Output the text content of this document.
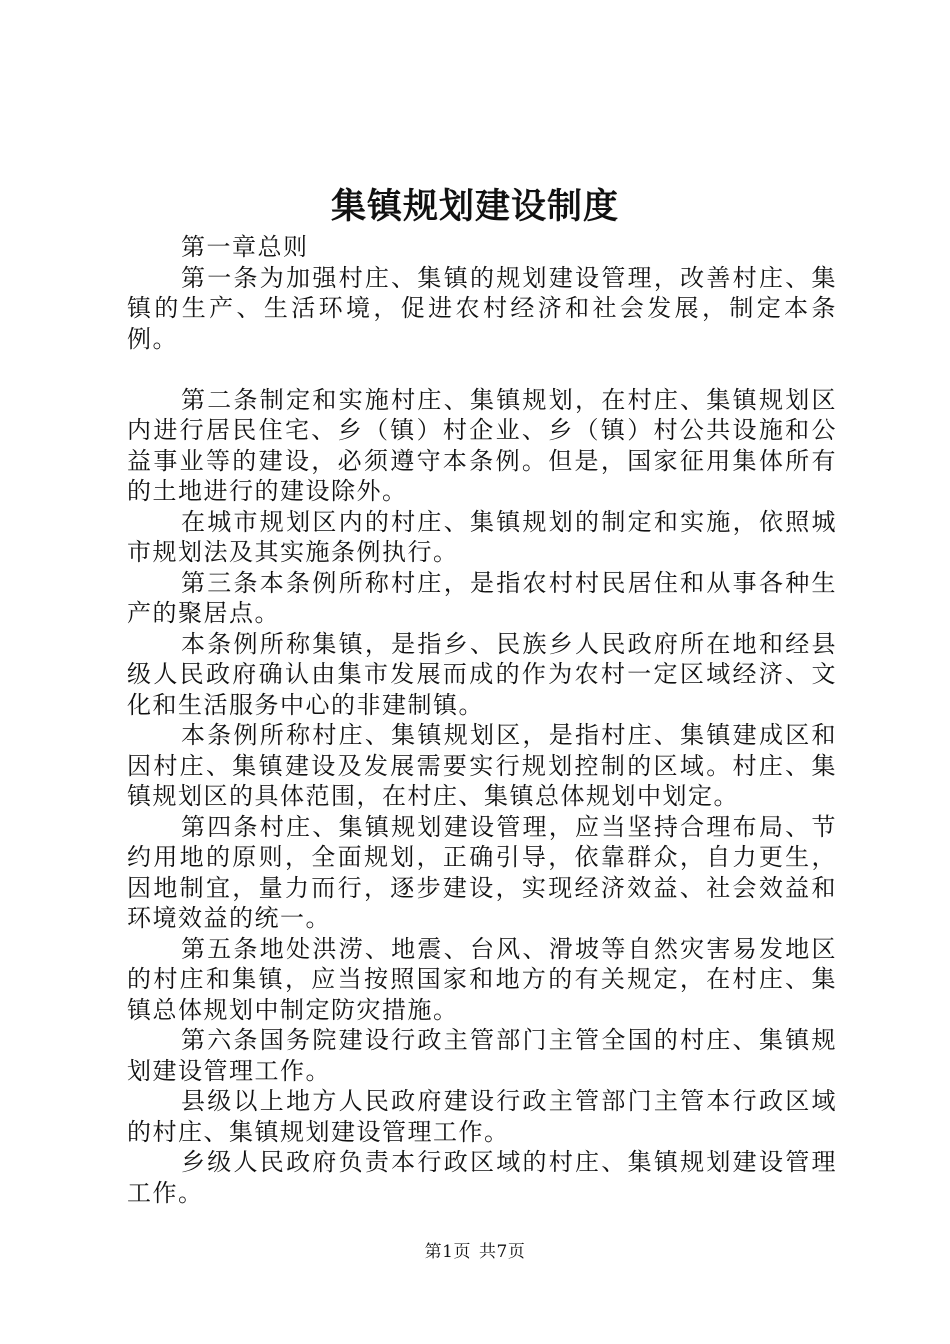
集镇规划建设制度

第一章总则

第一条为加强村庄、集镇的规划建设管理，改善村庄、集镇的生产、生活环境，促进农村经济和社会发展，制定本条例。

第二条制定和实施村庄、集镇规划，在村庄、集镇规划区内进行居民住宅、乡（镇）村企业、乡（镇）村公共设施和公益事业等的建设，必须遵守本条例。但是，国家征用集体所有的土地进行的建设除外。

在城市规划区内的村庄、集镇规划的制定和实施，依照城市规划法及其实施条例执行。

第三条本条例所称村庄，是指农村村民居住和从事各种生产的聚居点。

本条例所称集镇，是指乡、民族乡人民政府所在地和经县级人民政府确认由集市发展而成的作为农村一定区域经济、文化和生活服务中心的非建制镇。

本条例所称村庄、集镇规划区，是指村庄、集镇建成区和因村庄、集镇建设及发展需要实行规划控制的区域。村庄、集镇规划区的具体范围，在村庄、集镇总体规划中划定。

第四条村庄、集镇规划建设管理，应当坚持合理布局、节约用地的原则，全面规划，正确引导，依靠群众，自力更生，因地制宜，量力而行，逐步建设，实现经济效益、社会效益和环境效益的统一。

第五条地处洪涝、地震、台风、滑坡等自然灾害易发地区的村庄和集镇，应当按照国家和地方的有关规定，在村庄、集镇总体规划中制定防灾措施。

第六条国务院建设行政主管部门主管全国的村庄、集镇规划建设管理工作。

县级以上地方人民政府建设行政主管部门主管本行政区域的村庄、集镇规划建设管理工作。

乡级人民政府负责本行政区域的村庄、集镇规划建设管理工作。

第1页 共7页
